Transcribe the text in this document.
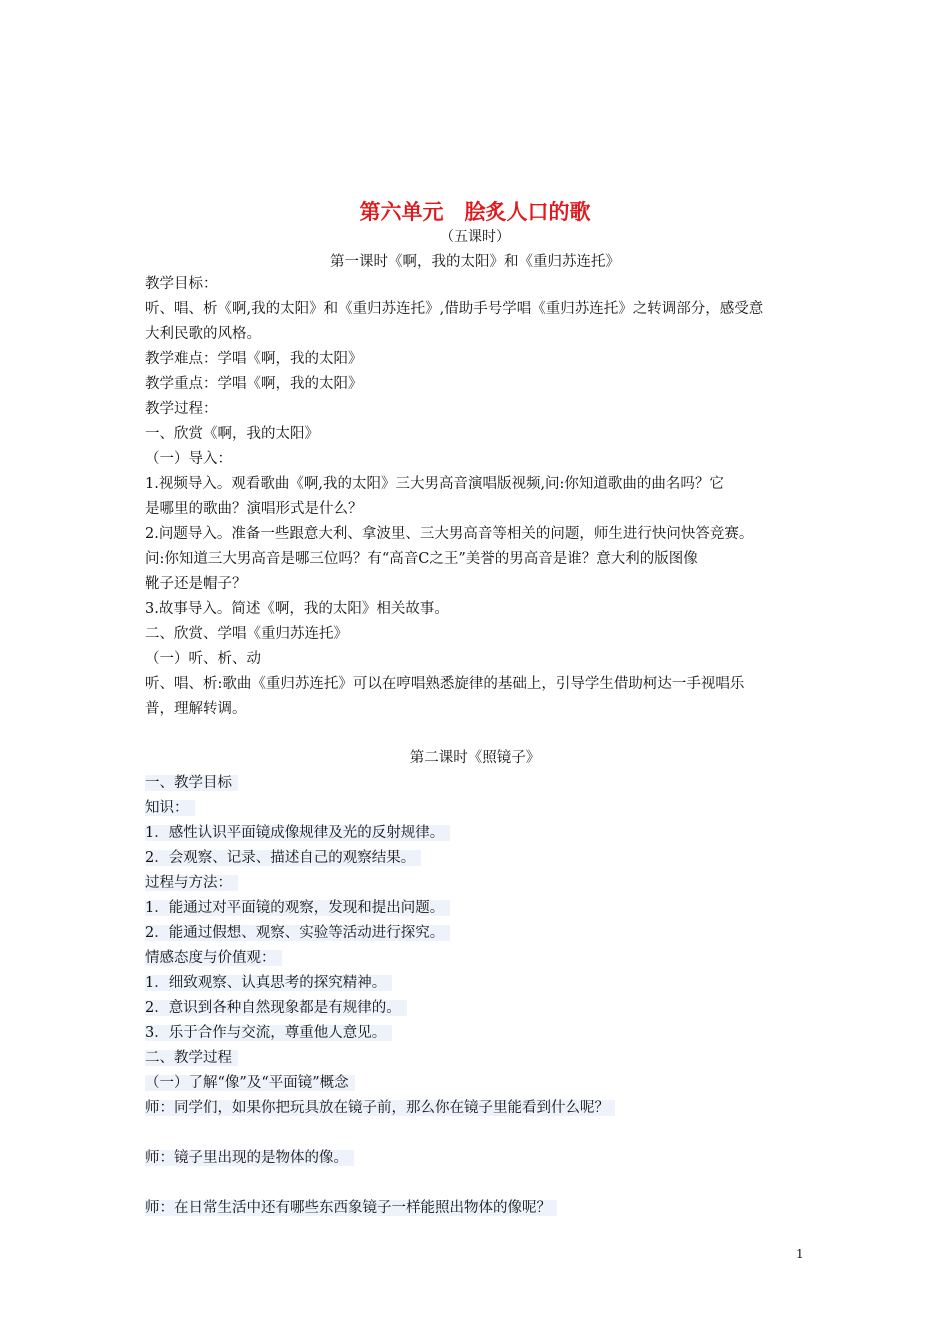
第六单元　脍炙人口的歌
（五课时）
第一课时《啊，我的太阳》和《重归苏连托》
教学目标：
听、唱、析《啊,我的太阳》和《重归苏连托》,借助手号学唱《重归苏连托》之转调部分，感受意
大利民歌的风格。
教学难点：学唱《啊，我的太阳》
教学重点：学唱《啊，我的太阳》
教学过程：
一、欣赏《啊，我的太阳》
（一）导入：
1.视频导入。观看歌曲《啊,我的太阳》三大男高音演唱版视频,问:你知道歌曲的曲名吗？它
是哪里的歌曲？演唱形式是什么？
2.问题导入。准备一些跟意大利、拿波里、三大男高音等相关的问题，师生进行快问快答竞赛。
问:你知道三大男高音是哪三位吗？有“高音C之王”美誉的男高音是谁？意大利的版图像
靴子还是帽子？
3.故事导入。简述《啊，我的太阳》相关故事。
二、欣赏、学唱《重归苏连托》
（一）听、析、动
听、唱、析:歌曲《重归苏连托》可以在哼唱熟悉旋律的基础上，引导学生借助柯达一手视唱乐
普，理解转调。
第二课时《照镜子》
一、教学目标
知识：
1．感性认识平面镜成像规律及光的反射规律。
2．会观察、记录、描述自己的观察结果。
过程与方法：
1．能通过对平面镜的观察，发现和提出问题。
2．能通过假想、观察、实验等活动进行探究。
情感态度与价值观：
1．细致观察、认真思考的探究精神。
2．意识到各种自然现象都是有规律的。
3．乐于合作与交流，尊重他人意见。
二、教学过程
（一）了解“像”及“平面镜”概念
师：同学们，如果你把玩具放在镜子前，那么你在镜子里能看到什么呢？
师：镜子里出现的是物体的像。
师：在日常生活中还有哪些东西象镜子一样能照出物体的像呢？
1
